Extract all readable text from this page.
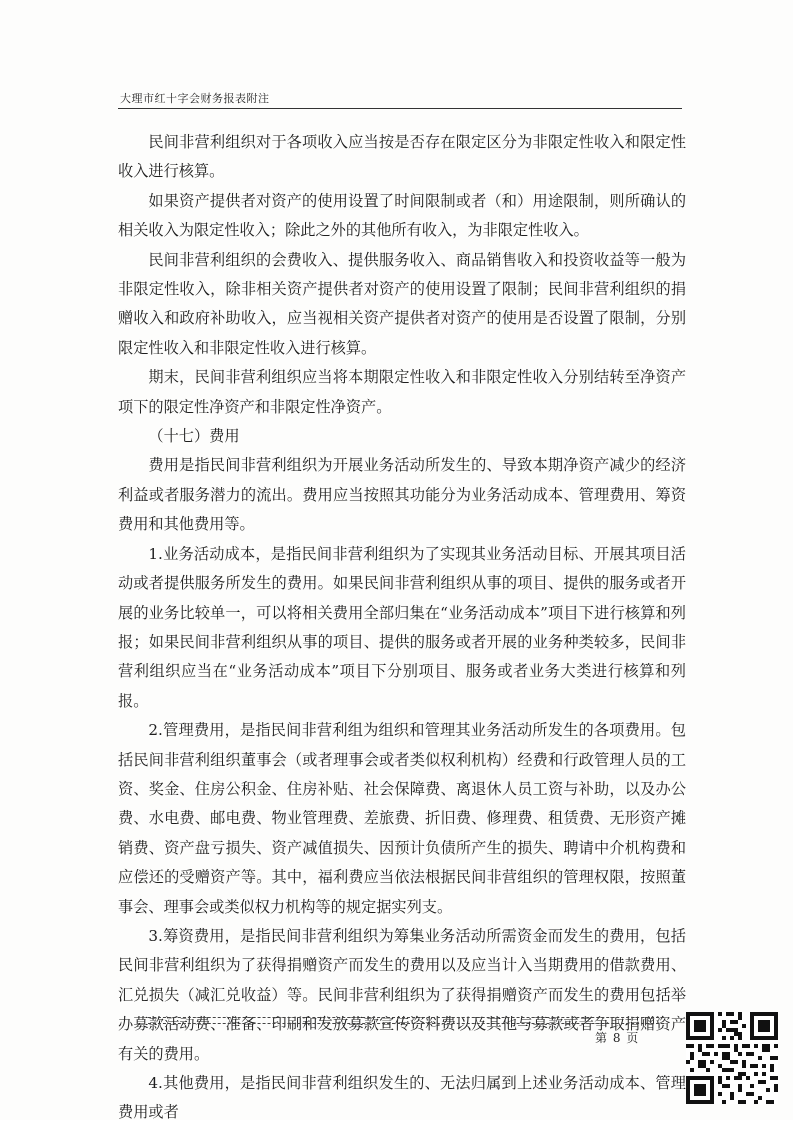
大理市红十字会财务报表附注

民间非营利组织对于各项收入应当按是否存在限定区分为非限定性收入和限定性收入进行核算。

如果资产提供者对资产的使用设置了时间限制或者（和）用途限制，则所确认的相关收入为限定性收入；除此之外的其他所有收入，为非限定性收入。

民间非营利组织的会费收入、提供服务收入、商品销售收入和投资收益等一般为非限定性收入，除非相关资产提供者对资产的使用设置了限制；民间非营利组织的捐赠收入和政府补助收入，应当视相关资产提供者对资产的使用是否设置了限制，分别限定性收入和非限定性收入进行核算。

期末，民间非营利组织应当将本期限定性收入和非限定性收入分别结转至净资产项下的限定性净资产和非限定性净资产。

（十七）费用

费用是指民间非营利组织为开展业务活动所发生的、导致本期净资产减少的经济利益或者服务潜力的流出。费用应当按照其功能分为业务活动成本、管理费用、筹资费用和其他费用等。

1.业务活动成本，是指民间非营利组织为了实现其业务活动目标、开展其项目活动或者提供服务所发生的费用。如果民间非营利组织从事的项目、提供的服务或者开展的业务比较单一，可以将相关费用全部归集在“业务活动成本”项目下进行核算和列报；如果民间非营利组织从事的项目、提供的服务或者开展的业务种类较多，民间非营利组织应当在“业务活动成本”项目下分别项目、服务或者业务大类进行核算和列报。

2.管理费用，是指民间非营利组为组织和管理其业务活动所发生的各项费用。包括民间非营利组织董事会（或者理事会或者类似权利机构）经费和行政管理人员的工资、奖金、住房公积金、住房补贴、社会保障费、离退休人员工资与补助，以及办公费、水电费、邮电费、物业管理费、差旅费、折旧费、修理费、租赁费、无形资产摊销费、资产盘亏损失、资产减值损失、因预计负债所产生的损失、聘请中介机构费和应偿还的受赠资产等。其中，福利费应当依法根据民间非营组织的管理权限，按照董事会、理事会或类似权力机构等的规定据实列支。

3.筹资费用，是指民间非营利组织为筹集业务活动所需资金而发生的费用，包括民间非营利组织为了获得捐赠资产而发生的费用以及应当计入当期费用的借款费用、汇兑损失（减汇兑收益）等。民间非营利组织为了获得捐赠资产而发生的费用包括举办募款活动费、准备、印刷和发放募款宣传资料费以及其他与募款或者争取捐赠资产有关的费用。

4.其他费用，是指民间非营利组织发生的、无法归属到上述业务活动成本、管理费用或者

第 8 页
